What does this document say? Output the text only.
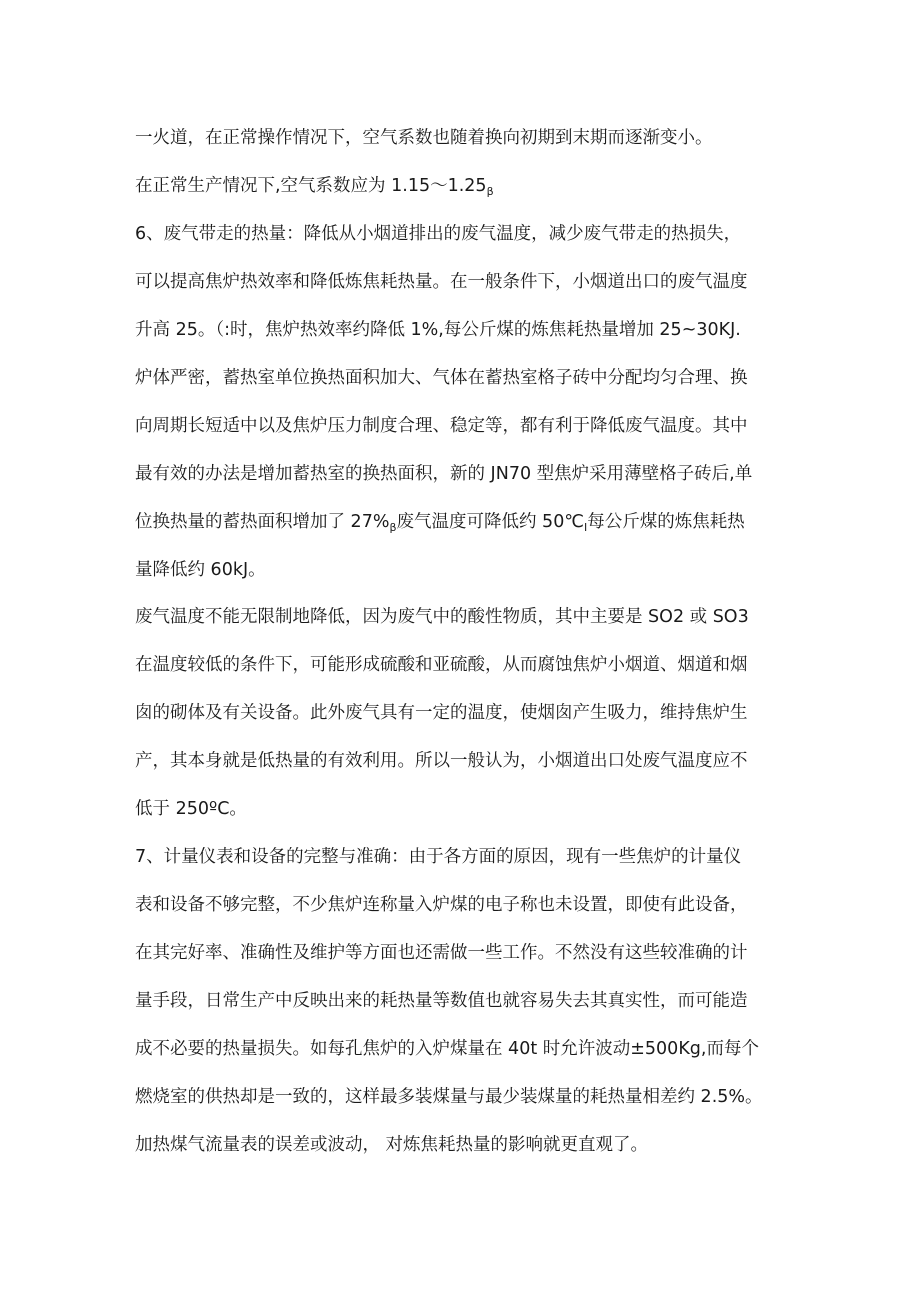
一火道，在正常操作情况下，空气系数也随着换向初期到末期而逐渐变小。
在正常生产情况下,空气系数应为 $1.15\sim 1.25_\beta$
6、废气带走的热量：降低从小烟道排出的废气温度，减少废气带走的热损失，
可以提高焦炉热效率和降低炼焦耗热量。在一般条件下，小烟道出口的废气温度
升高 25。（:时，焦炉热效率约降低 1%,每公斤煤的炼焦耗热量增加 25~30KJ.
炉体严密，蓄热室单位换热面积加大、气体在蓄热室格子砖中分配均匀合理、换
向周期长短适中以及焦炉压力制度合理、稳定等，都有利于降低废气温度。其中
最有效的办法是增加蓄热室的换热面积，新的 JN70 型焦炉采用薄壁格子砖后,单
位换热量的蓄热面积增加了 $27\%_\beta$废气温度可降低约 $50℃_I$每公斤煤的炼焦耗热
量降低约 60kJ。
废气温度不能无限制地降低，因为废气中的酸性物质，其中主要是 SO2 或 SO3
在温度较低的条件下，可能形成硫酸和亚硫酸，从而腐蚀焦炉小烟道、烟道和烟
囱的砌体及有关设备。此外废气具有一定的温度，使烟囱产生吸力，维持焦炉生
产，其本身就是低热量的有效利用。所以一般认为，小烟道出口处废气温度应不
低于 250ºC。
7、计量仪表和设备的完整与准确：由于各方面的原因，现有一些焦炉的计量仪
表和设备不够完整，不少焦炉连称量入炉煤的电子称也未设置，即使有此设备，
在其完好率、准确性及维护等方面也还需做一些工作。不然没有这些较准确的计
量手段，日常生产中反映出来的耗热量等数值也就容易失去其真实性，而可能造
成不必要的热量损失。如每孔焦炉的入炉煤量在 40t 时允许波动±500Kg,而每个
燃烧室的供热却是一致的，这样最多装煤量与最少装煤量的耗热量相差约 2.5%。
加热煤气流量表的误差或波动， 对炼焦耗热量的影响就更直观了。
